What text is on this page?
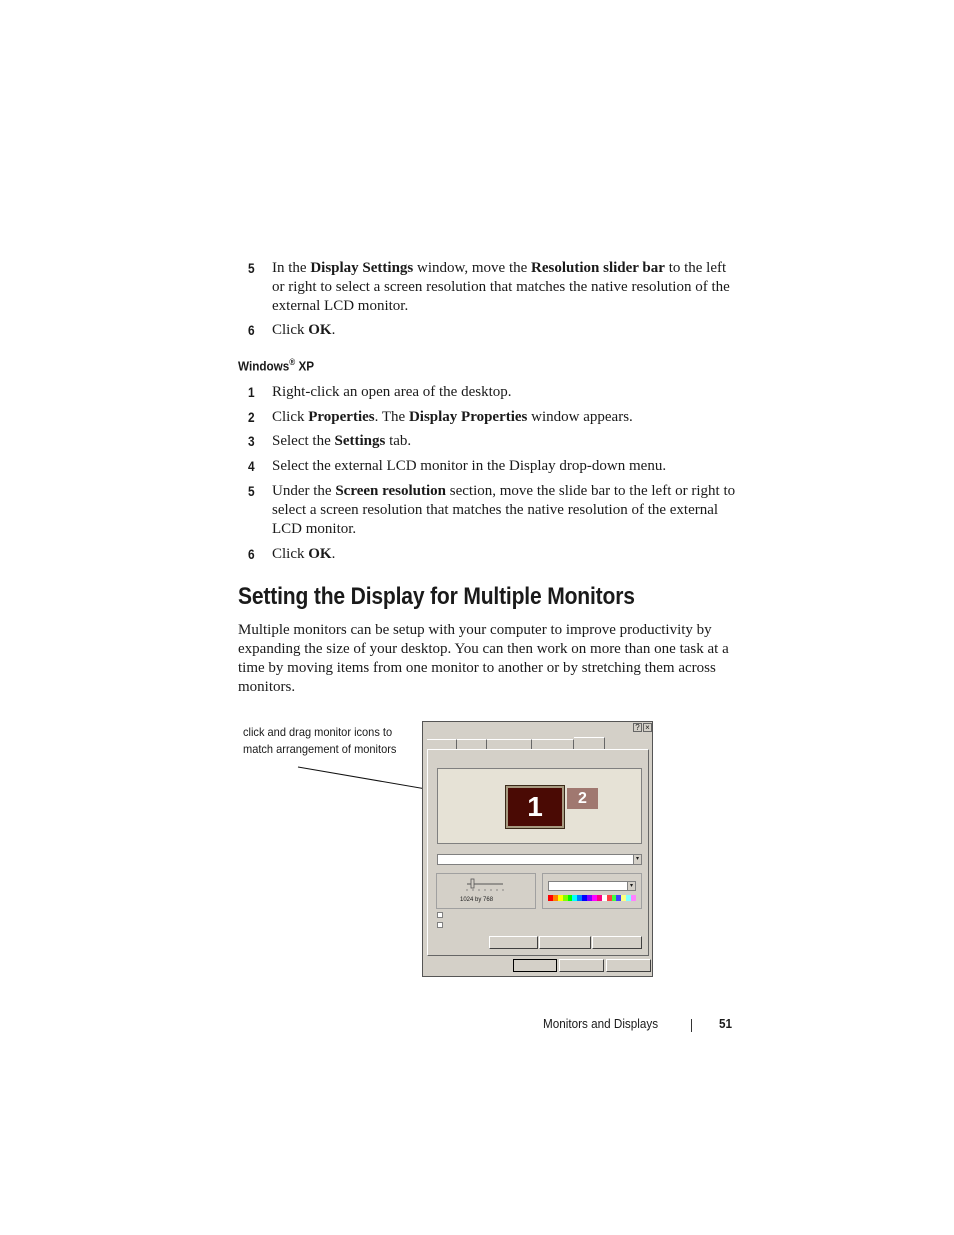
5 In the Display Settings window, move the Resolution slider bar to the left or right to select a screen resolution that matches the native resolution of the external LCD monitor.
6 Click OK.
Windows® XP
1 Right-click an open area of the desktop.
2 Click Properties. The Display Properties window appears.
3 Select the Settings tab.
4 Select the external LCD monitor in the Display drop-down menu.
5 Under the Screen resolution section, move the slide bar to the left or right to select a screen resolution that matches the native resolution of the external LCD monitor.
6 Click OK.
Setting the Display for Multiple Monitors
Multiple monitors can be setup with your computer to improve productivity by expanding the size of your desktop. You can then work on more than one task at a time by moving items from one monitor to another or by stretching them across monitors.
click and drag monitor icons to match arrangement of monitors
? ×
1	2
▾
1024 by 768
▾
Monitors and Displays	51
